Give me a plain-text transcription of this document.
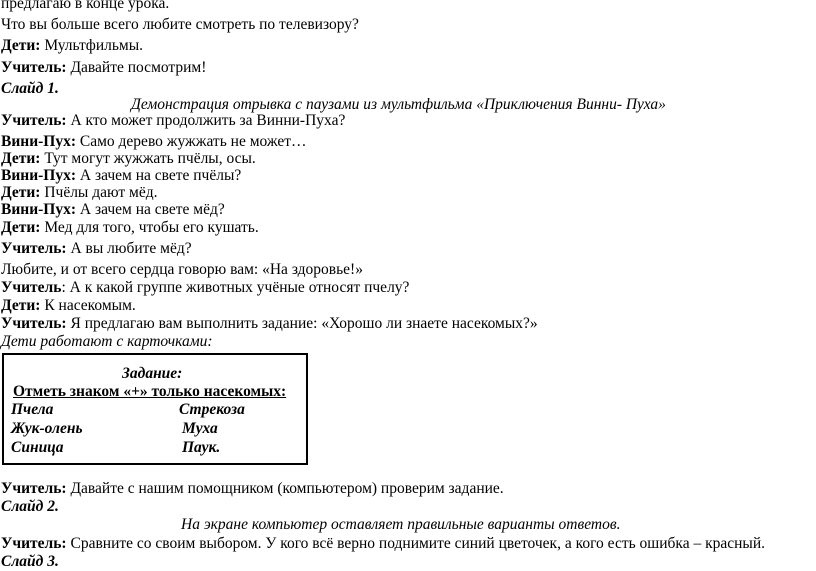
предлагаю в конце урока.
Что вы больше всего любите смотреть по телевизору?
Дети: Мультфильмы.
Учитель: Давайте посмотрим!
Слайд 1.
Демонстрация отрывка с паузами из мультфильма «Приключения Винни- Пуха»
Учитель: А кто может продолжить за Винни-Пуха?
Вини-Пух: Само дерево жужжать не может…
Дети: Тут могут жужжать пчёлы, осы.
Вини-Пух: А зачем на свете пчёлы?
Дети: Пчёлы дают мёд.
Вини-Пух: А зачем на свете мёд?
Дети: Мед для того, чтобы его кушать.
Учитель: А вы любите мёд?
Любите, и от всего сердца говорю вам: «На здоровье!»
Учитель: А к какой группе животных учёные относят пчелу?
Дети: К насекомым.
Учитель: Я предлагаю вам выполнить задание: «Хорошо ли знаете насекомых?»
Дети работают с карточками:
Задание:
Отметь знаком «+» только насекомых:
Пчела	Стрекоза
Жук-олень	Муха
Синица	Паук.
Учитель: Давайте с нашим помощником (компьютером) проверим задание.
Слайд 2.
На экране компьютер оставляет правильные варианты ответов.
Учитель: Сравните со своим выбором. У кого всё верно поднимите синий цветочек, а кого есть ошибка – красный.
Слайд 3.
